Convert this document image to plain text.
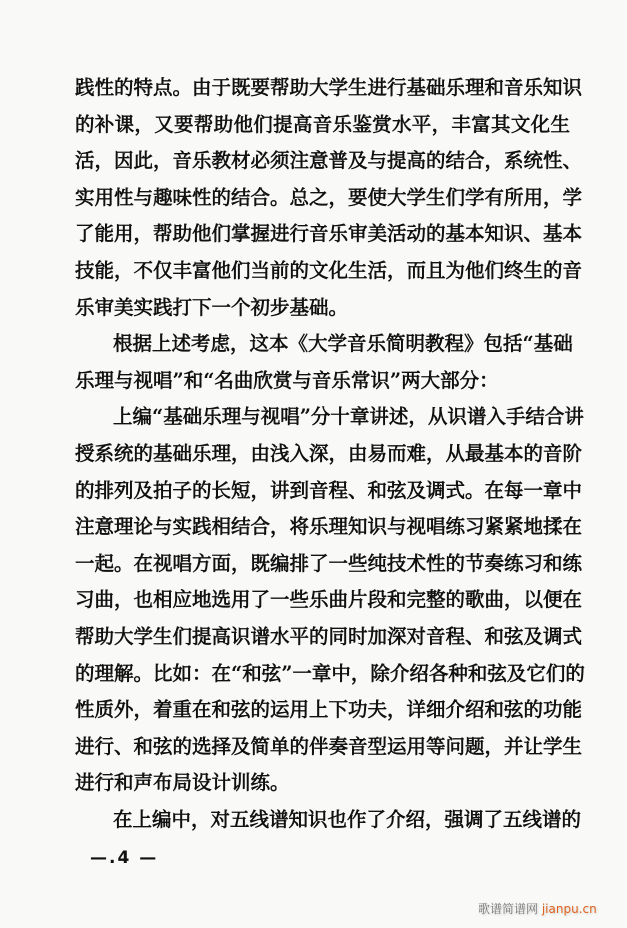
践性的特点。由于既要帮助大学生进行基础乐理和音乐知识
的补课，又要帮助他们提高音乐鉴赏水平，丰富其文化生
活，因此，音乐教材必须注意普及与提高的结合，系统性、
实用性与趣味性的结合。总之，要使大学生们学有所用，学
了能用，帮助他们掌握进行音乐审美活动的基本知识、基本
技能，不仅丰富他们当前的文化生活，而且为他们终生的音
乐审美实践打下一个初步基础。
根据上述考虑，这本《大学音乐简明教程》包括“基础
乐理与视唱”和“名曲欣赏与音乐常识”两大部分：
上编“基础乐理与视唱”分十章讲述，从识谱入手结合讲
授系统的基础乐理，由浅入深，由易而难，从最基本的音阶
的排列及拍子的长短，讲到音程、和弦及调式。在每一章中
注意理论与实践相结合，将乐理知识与视唱练习紧紧地揉在
一起。在视唱方面，既编排了一些纯技术性的节奏练习和练
习曲，也相应地选用了一些乐曲片段和完整的歌曲，以便在
帮助大学生们提高识谱水平的同时加深对音程、和弦及调式
的理解。比如：在“和弦”一章中，除介绍各种和弦及它们的
性质外，着重在和弦的运用上下功夫，详细介绍和弦的功能
进行、和弦的选择及简单的伴奏音型运用等问题，并让学生
进行和声布局设计训练。
在上编中，对五线谱知识也作了介绍，强调了五线谱的
—.4 —
歌谱简谱网 jianpu.cn
